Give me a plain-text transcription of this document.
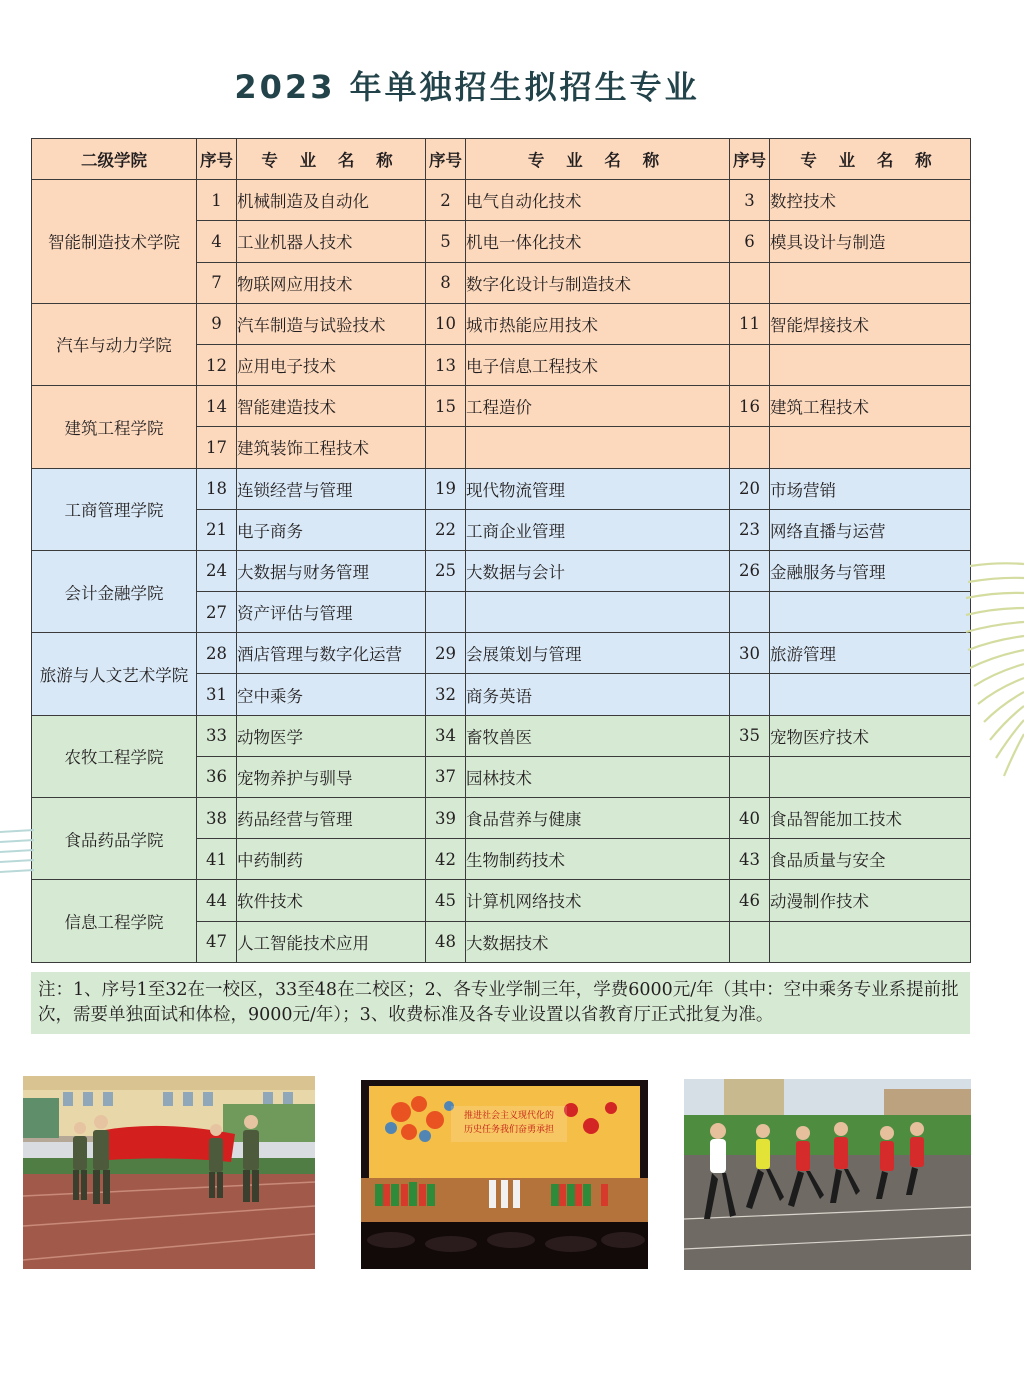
2023 年单独招生拟招生专业
二级学院	序号	专 业 名 称	序号	专 业 名 称	序号	专 业 名 称
智能制造技术学院	1	机械制造及自动化	2	电气自动化技术	3	数控技术
	4	工业机器人技术	5	机电一体化技术	6	模具设计与制造
	7	物联网应用技术	8	数字化设计与制造技术		
汽车与动力学院	9	汽车制造与试验技术	10	城市热能应用技术	11	智能焊接技术
	12	应用电子技术	13	电子信息工程技术		
建筑工程学院	14	智能建造技术	15	工程造价	16	建筑工程技术
	17	建筑装饰工程技术				
工商管理学院	18	连锁经营与管理	19	现代物流管理	20	市场营销
	21	电子商务	22	工商企业管理	23	网络直播与运营
会计金融学院	24	大数据与财务管理	25	大数据与会计	26	金融服务与管理
	27	资产评估与管理				
旅游与人文艺术学院	28	酒店管理与数字化运营	29	会展策划与管理	30	旅游管理
	31	空中乘务	32	商务英语		
农牧工程学院	33	动物医学	34	畜牧兽医	35	宠物医疗技术
	36	宠物养护与驯导	37	园林技术		
食品药品学院	38	药品经营与管理	39	食品营养与健康	40	食品智能加工技术
	41	中药制药	42	生物制药技术	43	食品质量与安全
信息工程学院	44	软件技术	45	计算机网络技术	46	动漫制作技术
	47	人工智能技术应用	48	大数据技术		
注：1、序号1至32在一校区，33至48在二校区；2、各专业学制三年，学费6000元/年（其中：空中乘务专业系提前批次，需要单独面试和体检，9000元/年）；3、收费标准及各专业设置以省教育厅正式批复为准。
推进社会主义现代化的
历史任务我们奋勇承担
